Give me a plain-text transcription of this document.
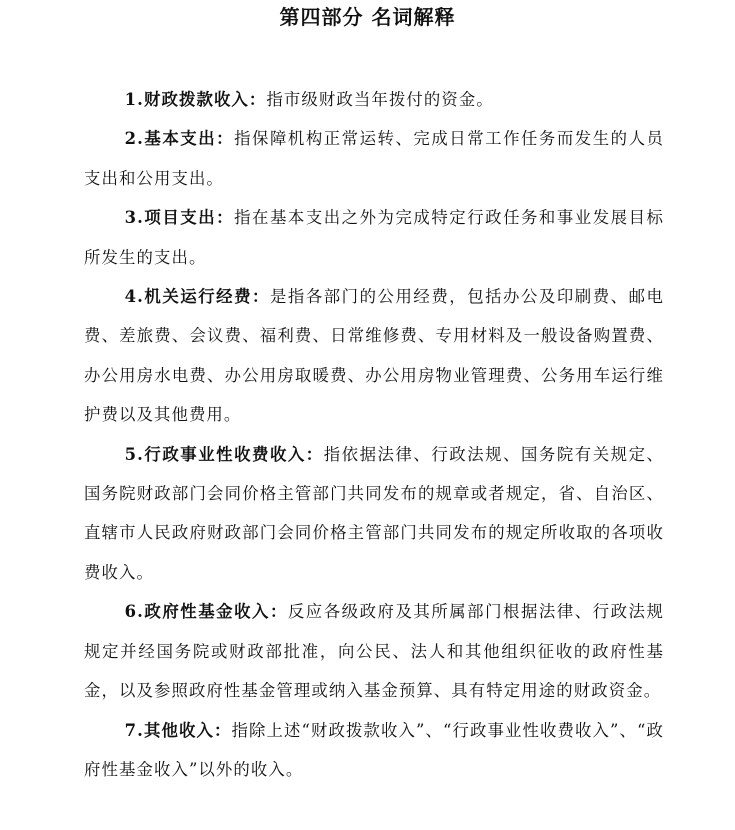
第四部分 名词解释

1.财政拨款收入：指市级财政当年拨付的资金。

2.基本支出：指保障机构正常运转、完成日常工作任务而发生的人员支出和公用支出。

3.项目支出：指在基本支出之外为完成特定行政任务和事业发展目标所发生的支出。

4.机关运行经费：是指各部门的公用经费，包括办公及印刷费、邮电费、差旅费、会议费、福利费、日常维修费、专用材料及一般设备购置费、办公用房水电费、办公用房取暖费、办公用房物业管理费、公务用车运行维护费以及其他费用。

5.行政事业性收费收入：指依据法律、行政法规、国务院有关规定、国务院财政部门会同价格主管部门共同发布的规章或者规定，省、自治区、直辖市人民政府财政部门会同价格主管部门共同发布的规定所收取的各项收费收入。

6.政府性基金收入：反应各级政府及其所属部门根据法律、行政法规规定并经国务院或财政部批准，向公民、法人和其他组织征收的政府性基金，以及参照政府性基金管理或纳入基金预算、具有特定用途的财政资金。

7.其他收入：指除上述“财政拨款收入”、“行政事业性收费收入”、“政府性基金收入”以外的收入。
